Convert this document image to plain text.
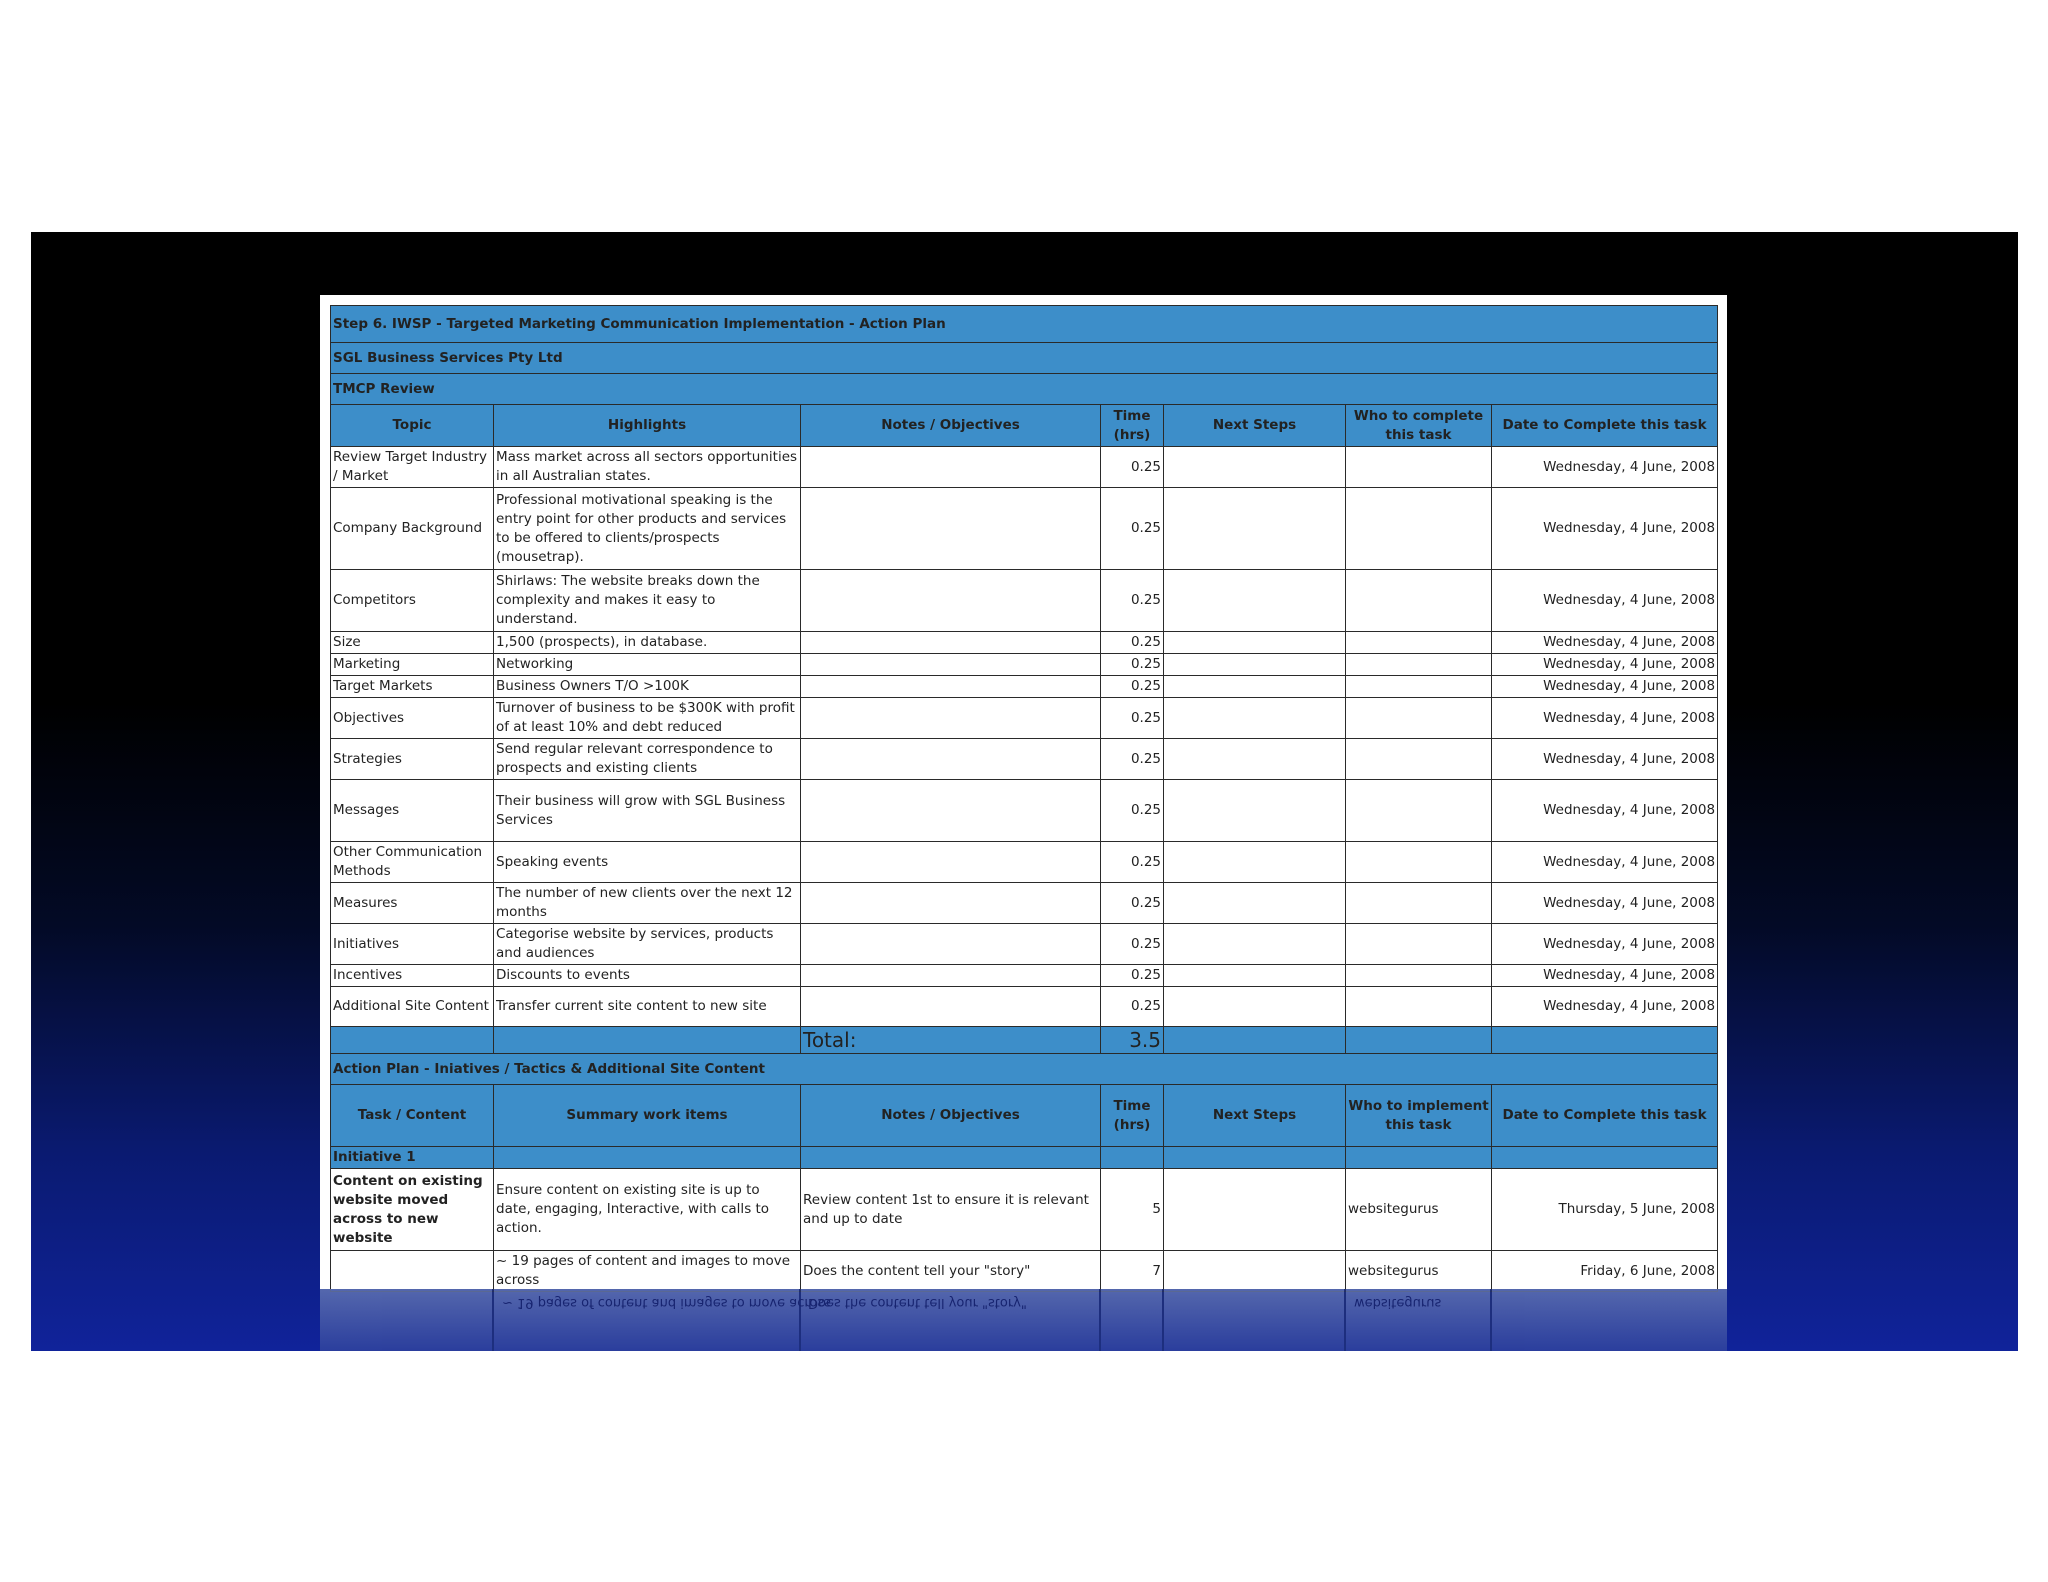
Step 6. IWSP - Targeted Marketing Communication Implementation - Action Plan						
SGL Business Services Pty Ltd						
TMCP Review						
Topic	Highlights	Notes / Objectives	Time (hrs)	Next Steps	Who to complete this task	Date to Complete this task
Review Target Industry / Market	Mass market across all sectors opportunities in all Australian states.		0.25			Wednesday, 4 June, 2008
Company Background	Professional motivational speaking is the entry point for other products and services to be offered to clients/prospects (mousetrap).		0.25			Wednesday, 4 June, 2008
Competitors	Shirlaws: The website breaks down the complexity and makes it easy to understand.		0.25			Wednesday, 4 June, 2008
Size	1,500 (prospects), in database.		0.25			Wednesday, 4 June, 2008
Marketing	Networking		0.25			Wednesday, 4 June, 2008
Target Markets	Business Owners T/O >100K		0.25			Wednesday, 4 June, 2008
Objectives	Turnover of business to be $300K with profit of at least 10% and debt reduced		0.25			Wednesday, 4 June, 2008
Strategies	Send regular relevant correspondence to prospects and existing clients		0.25			Wednesday, 4 June, 2008
Messages	Their business will grow with SGL Business Services		0.25			Wednesday, 4 June, 2008
Other Communication Methods	Speaking events		0.25			Wednesday, 4 June, 2008
Measures	The number of new clients over the next 12 months		0.25			Wednesday, 4 June, 2008
Initiatives	Categorise website by services, products and audiences		0.25			Wednesday, 4 June, 2008
Incentives	Discounts to events		0.25			Wednesday, 4 June, 2008
Additional Site Content	Transfer current site content to new site		0.25			Wednesday, 4 June, 2008
		Total:	3.5			
Action Plan - Iniatives / Tactics & Additional Site Content						
Task / Content	Summary work items	Notes / Objectives	Time (hrs)	Next Steps	Who to implement this task	Date to Complete this task
Initiative 1						
Content on existing website moved across to new website	Ensure content on existing site is up to date, engaging, Interactive, with calls to action.	Review content 1st to ensure it is relevant and up to date	5		websitegurus	Thursday, 5 June, 2008
	~ 19 pages of content and images to move across	Does the content tell your "story"	7		websitegurus	Friday, 6 June, 2008
~ 19 pages of content and images to move across
Does the content tell your "story"	websitegurus
